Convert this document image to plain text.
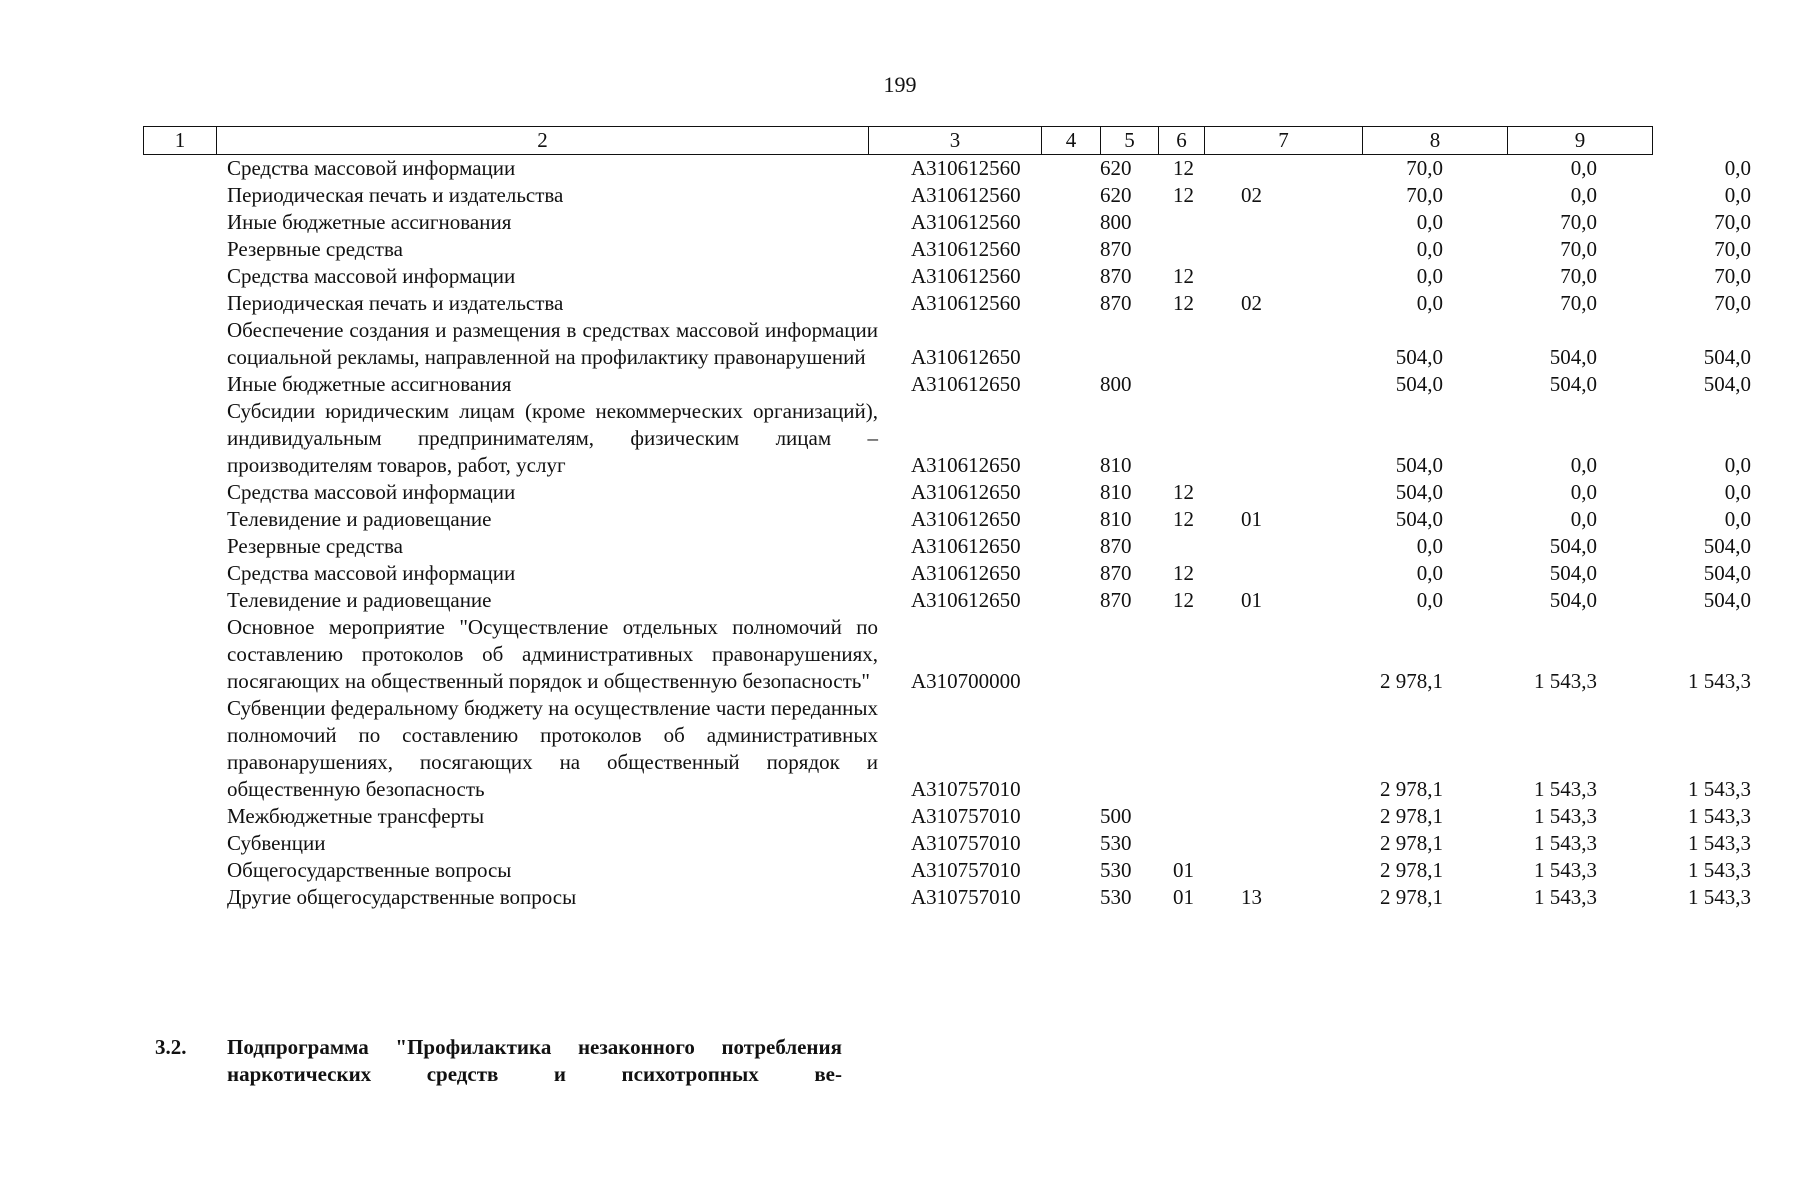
199
1	2	3	4	5	6	7	8	9
	Средства массовой информации	A310612560	620	12		70,0	0,0	0,0
	Периодическая печать и издательства	A310612560	620	12	02	70,0	0,0	0,0
	Иные бюджетные ассигнования	A310612560	800			0,0	70,0	70,0
	Резервные средства	A310612560	870			0,0	70,0	70,0
	Средства массовой информации	A310612560	870	12		0,0	70,0	70,0
	Периодическая печать и издательства	A310612560	870	12	02	0,0	70,0	70,0
	Обеспечение создания и размещения в средствах массовой информации социальной рекламы, направленной на профилактику правонарушений	A310612650				504,0	504,0	504,0
	Иные бюджетные ассигнования	A310612650	800			504,0	504,0	504,0
	Субсидии юридическим лицам (кроме некоммерческих организаций), индивидуальным предпринимателям, физическим лицам – производителям товаров, работ, услуг	A310612650	810			504,0	0,0	0,0
	Средства массовой информации	A310612650	810	12		504,0	0,0	0,0
	Телевидение и радиовещание	A310612650	810	12	01	504,0	0,0	0,0
	Резервные средства	A310612650	870			0,0	504,0	504,0
	Средства массовой информации	A310612650	870	12		0,0	504,0	504,0
	Телевидение и радиовещание	A310612650	870	12	01	0,0	504,0	504,0
	Основное мероприятие "Осуществление отдельных полномочий по составлению протоколов об административных правонарушениях, посягающих на общественный порядок и общественную безопасность"	A310700000				2 978,1	1 543,3	1 543,3
	Субвенции федеральному бюджету на осуществление части переданных полномочий по составлению протоколов об административных правонарушениях, посягающих на общественный порядок и общественную безопасность	A310757010				2 978,1	1 543,3	1 543,3
	Межбюджетные трансферты	A310757010	500			2 978,1	1 543,3	1 543,3
	Субвенции	A310757010	530			2 978,1	1 543,3	1 543,3
	Общегосударственные вопросы	A310757010	530	01		2 978,1	1 543,3	1 543,3
	Другие общегосударственные вопросы	A310757010	530	01	13	2 978,1	1 543,3	1 543,3
3.2. Подпрограмма "Профилактика незаконного потребления наркотических средств и психотропных ве-
